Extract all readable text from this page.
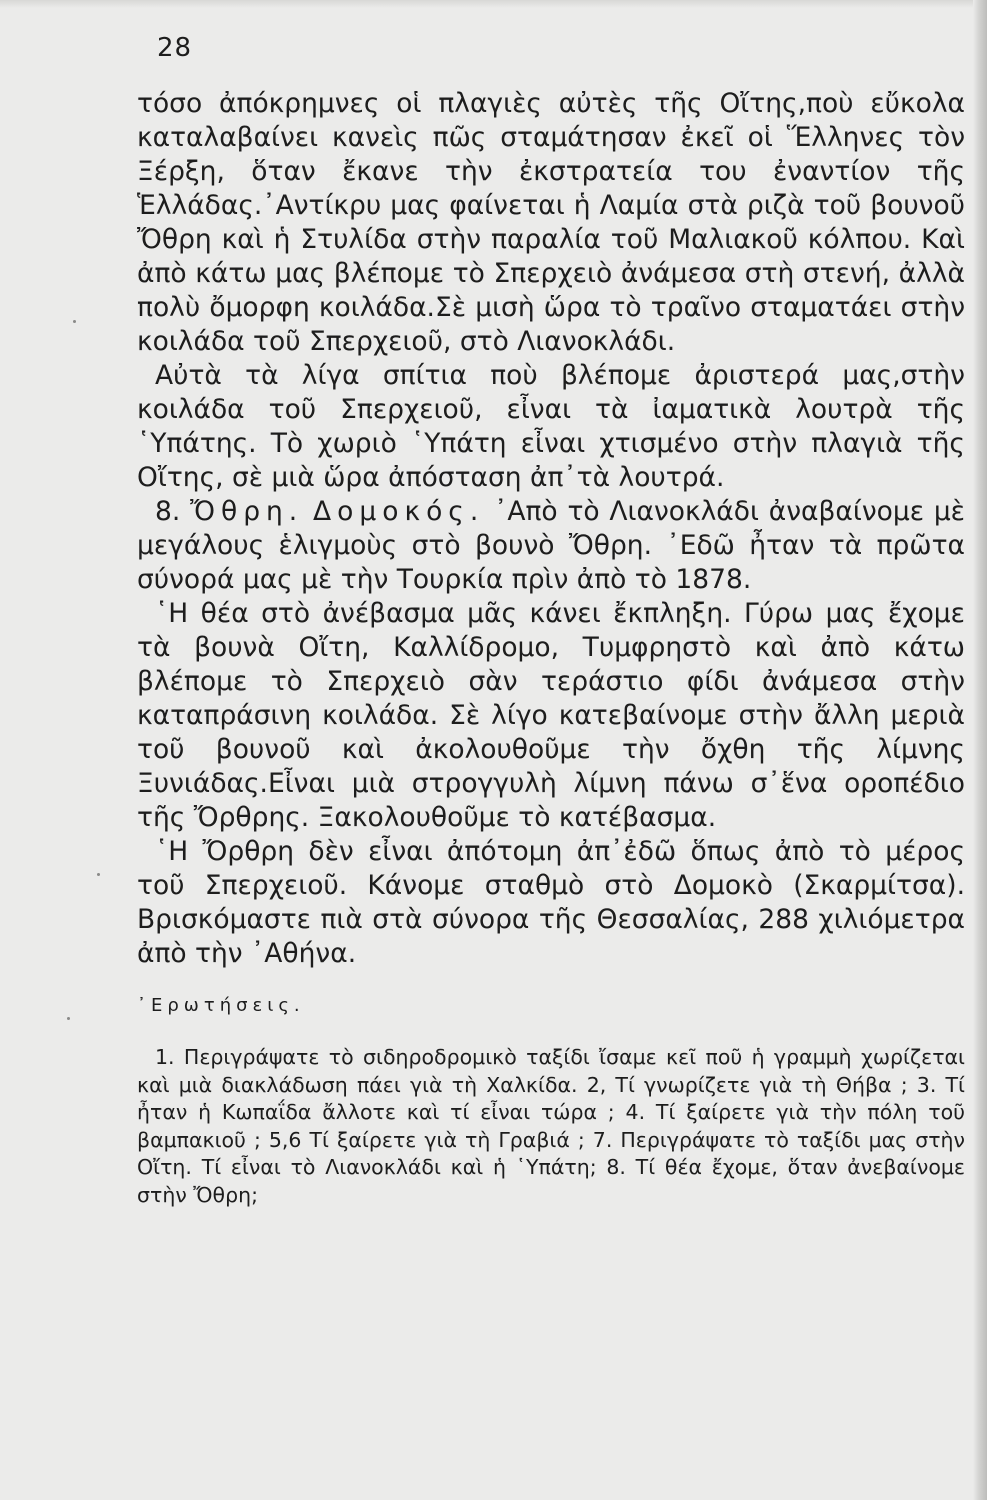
28

τόσο ἀπόκρημνες οἱ πλαγιὲς αὐτὲς τῆς Οἴτης,ποὺ εὔκολα καταλαβαίνει κανεὶς πῶς σταμάτησαν ἐκεῖ οἱ Ἕλληνες τὸν Ξέρξη, ὅταν ἔκανε τὴν ἐκστρατεία του ἐναντίον τῆς Ἑλλάδας.᾿Αντίκρυ μας φαίνεται ἡ Λαμία στὰ ριζὰ τοῦ βουνοῦ Ὄθρη καὶ ἡ Στυλίδα στὴν παραλία τοῦ Μαλιακοῦ κόλπου. Καὶ ἀπὸ κάτω μας βλέπομε τὸ Σπερχειὸ ἀνάμεσα στὴ στενή, ἀλλὰ πολὺ ὄμορφη κοιλάδα.Σὲ μισὴ ὥρα τὸ τραῖνο σταματάει στὴν κοιλάδα τοῦ Σπερχειοῦ, στὸ Λιανοκλάδι.

Αὐτὰ τὰ λίγα σπίτια ποὺ βλέπομε ἀριστερά μας,στὴν κοιλάδα τοῦ Σπερχειοῦ, εἶναι τὰ ἰαματικὰ λουτρὰ τῆς ῾Υπάτης. Τὸ χωριὸ ῾Υπάτη εἶναι χτισμένο στὴν πλαγιὰ τῆς Οἴτης, σὲ μιὰ ὥρα ἀπόσταση ἀπ᾿τὰ λουτρά.

8. Ὄθρη. Δομοκός. ᾿Απὸ τὸ Λιανοκλάδι ἀναβαίνομε μὲ μεγάλους ἑλιγμοὺς στὸ βουνὸ Ὄθρη. ᾿Εδῶ ἦταν τὰ πρῶτα σύνορά μας μὲ τὴν Τουρκία πρὶν ἀπὸ τὸ 1878.

῾Η θέα στὸ ἀνέβασμα μᾶς κάνει ἔκπληξη. Γύρω μας ἔχομε τὰ βουνὰ Οἴτη, Καλλίδρομο, Τυμφρηστὸ καὶ ἀπὸ κάτω βλέπομε τὸ Σπερχειὸ σὰν τεράστιο φίδι ἀνάμεσα στὴν καταπράσινη κοιλάδα. Σὲ λίγο κατεβαίνομε στὴν ἄλλη μεριὰ τοῦ βουνοῦ καὶ ἀκολουθοῦμε τὴν ὄχθη τῆς λίμνης Ξυνιάδας.Εἶναι μιὰ στρογγυλὴ λίμνη πάνω σ᾿ἕνα οροπέδιο τῆς Ὄρθρης. Ξακολουθοῦμε τὸ κατέβασμα.

῾Η Ὄρθρη δὲν εἶναι ἀπότομη ἀπ᾿ἐδῶ ὅπως ἀπὸ τὸ μέρος τοῦ Σπερχειοῦ. Κάνομε σταθμὸ στὸ Δομοκὸ (Σκαρμίτσα). Βρισκόμαστε πιὰ στὰ σύνορα τῆς Θεσσαλίας, 288 χιλιόμετρα ἀπὸ τὴν ᾿Αθήνα.

᾿Ερωτήσεις.

1. Περιγράψατε τὸ σιδηροδρομικὸ ταξίδι ἴσαμε κεῖ ποῦ ἡ γραμμὴ χωρίζεται καὶ μιὰ διακλάδωση πάει γιὰ τὴ Χαλκίδα. 2, Τί γνωρίζετε γιὰ τὴ Θήβα ; 3. Τί ἦταν ἡ Κωπαΐδα ἄλλοτε καὶ τί εἶναι τώρα ; 4. Τί ξαίρετε γιὰ τὴν πόλη τοῦ βαμπακιοῦ ; 5,6 Τί ξαίρετε γιὰ τὴ Γραβιά ; 7. Περιγράψατε τὸ ταξίδι μας στὴν Οἴτη. Τί εἶναι τὸ Λιανοκλάδι καὶ ἡ ῾Υπάτη; 8. Τί θέα ἔχομε, ὅταν ἀνεβαίνομε στὴν Ὄθρη;
